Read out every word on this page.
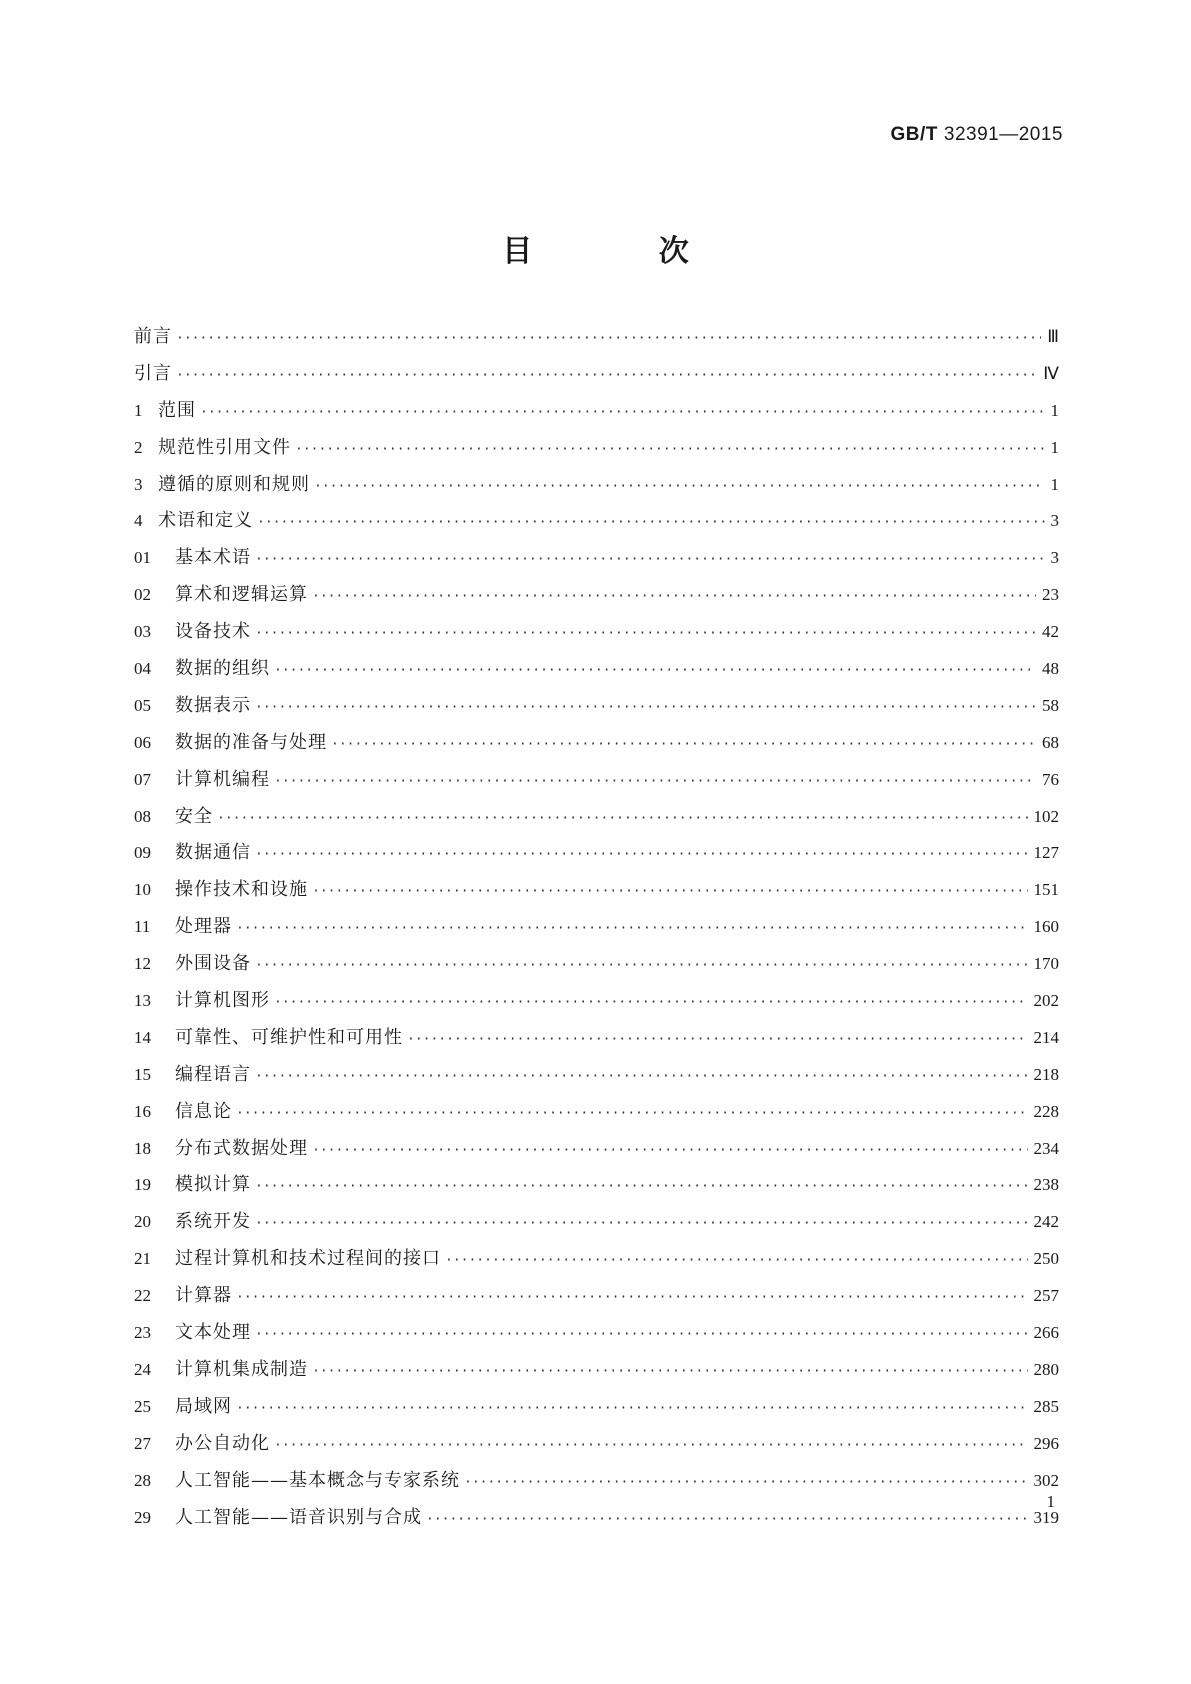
GB/T 32391—2015
目 次
前言 ·····	Ⅲ
引言 ·····	Ⅳ
1 范围 ·····	1
2 规范性引用文件 ·····	1
3 遵循的原则和规则 ·····	1
4 术语和定义 ·····	3
01	基本术语 ·····	3
02	算术和逻辑运算 ·····	23
03	设备技术 ·····	42
04	数据的组织 ·····	48
05	数据表示 ·····	58
06	数据的准备与处理 ·····	68
07	计算机编程 ·····	76
08	安全 ·····	102
09	数据通信 ·····	127
10	操作技术和设施 ·····	151
11	处理器 ·····	160
12	外围设备 ·····	170
13	计算机图形 ·····	202
14	可靠性、可维护性和可用性 ·····	214
15	编程语言 ·····	218
16	信息论 ·····	228
18	分布式数据处理 ·····	234
19	模拟计算 ·····	238
20	系统开发 ·····	242
21	过程计算机和技术过程间的接口 ·····	250
22	计算器 ·····	257
23	文本处理 ·····	266
24	计算机集成制造 ·····	280
25	局域网 ·····	285
27	办公自动化 ·····	296
28	人工智能——基本概念与专家系统 ·····	302
29	人工智能——语音识别与合成 ·····	319
1
